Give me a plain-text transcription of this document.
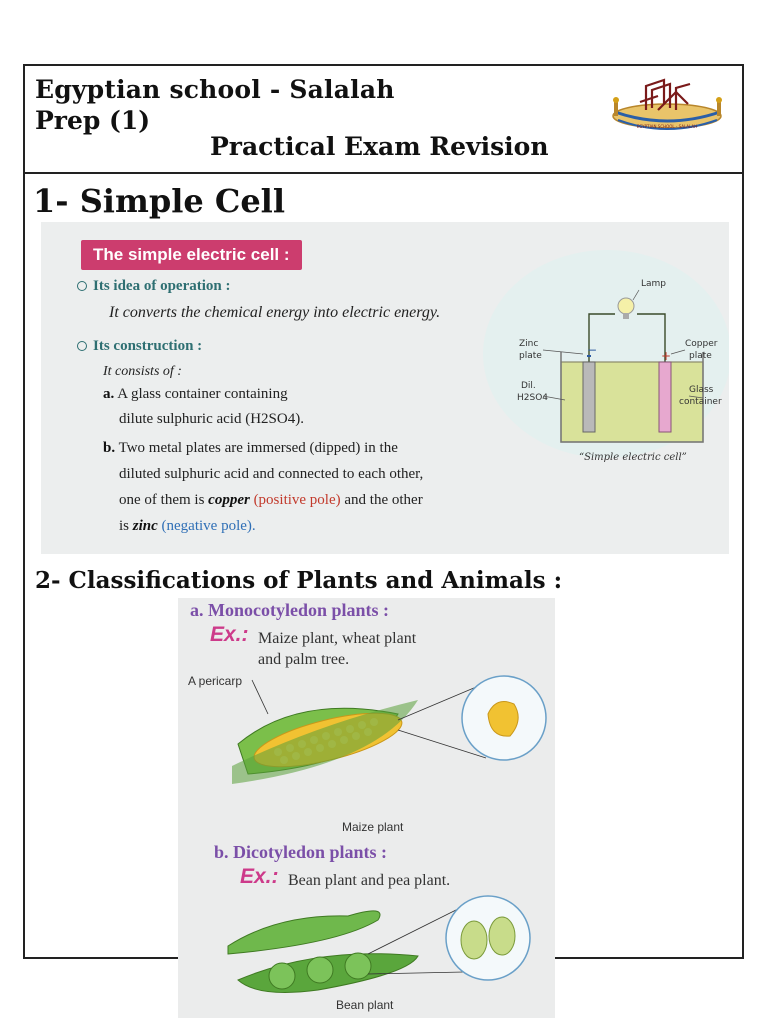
Egyptian school - Salalah
Prep (1)
Practical Exam Revision
EGYPTIAN SCHOOL - SALALAH
1- Simple Cell
The simple electric cell :
Its idea of operation :
It converts the chemical energy into electric energy.
Its construction :
It consists of :
a. A glass container containing
dilute sulphuric acid (H2SO4).
b. Two metal plates are immersed (dipped) in the
diluted sulphuric acid and connected to each other,
one of them is copper (positive pole) and the other
is zinc (negative pole).
Lamp
Zinc
plate
Copper
plate
Dil.
H2SO4
Glass
container
+
−
“Simple electric cell”
2- Classifications of Plants and Animals :
a. Monocotyledon plants :
Ex.: Maize plant, wheat plant
and palm tree.
A pericarp
Maize plant
b. Dicotyledon plants :
Ex.: Bean plant and pea plant.
Bean plant
